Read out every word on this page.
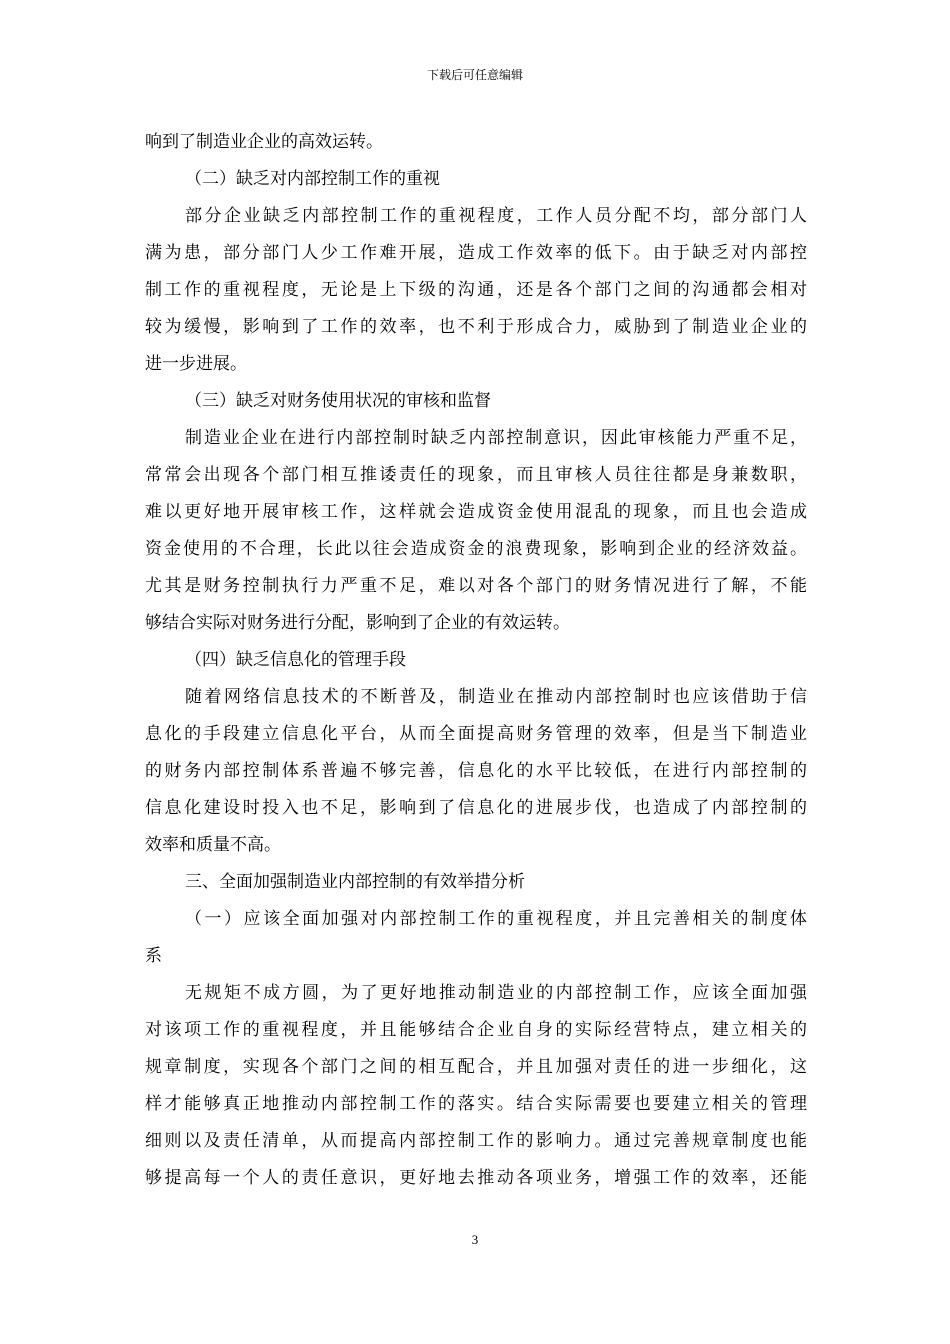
下载后可任意编辑
响到了制造业企业的高效运转。
（二）缺乏对内部控制工作的重视
部分企业缺乏内部控制工作的重视程度，工作人员分配不均，部分部门人
满为患，部分部门人少工作难开展，造成工作效率的低下。由于缺乏对内部控
制工作的重视程度，无论是上下级的沟通，还是各个部门之间的沟通都会相对
较为缓慢，影响到了工作的效率，也不利于形成合力，威胁到了制造业企业的
进一步进展。
（三）缺乏对财务使用状况的审核和监督
制造业企业在进行内部控制时缺乏内部控制意识，因此审核能力严重不足，
常常会出现各个部门相互推诿责任的现象，而且审核人员往往都是身兼数职，
难以更好地开展审核工作，这样就会造成资金使用混乱的现象，而且也会造成
资金使用的不合理，长此以往会造成资金的浪费现象，影响到企业的经济效益。
尤其是财务控制执行力严重不足，难以对各个部门的财务情况进行了解，不能
够结合实际对财务进行分配，影响到了企业的有效运转。
（四）缺乏信息化的管理手段
随着网络信息技术的不断普及，制造业在推动内部控制时也应该借助于信
息化的手段建立信息化平台，从而全面提高财务管理的效率，但是当下制造业
的财务内部控制体系普遍不够完善，信息化的水平比较低，在进行内部控制的
信息化建设时投入也不足，影响到了信息化的进展步伐，也造成了内部控制的
效率和质量不高。
三、全面加强制造业内部控制的有效举措分析
（一）应该全面加强对内部控制工作的重视程度，并且完善相关的制度体
系
无规矩不成方圆，为了更好地推动制造业的内部控制工作，应该全面加强
对该项工作的重视程度，并且能够结合企业自身的实际经营特点，建立相关的
规章制度，实现各个部门之间的相互配合，并且加强对责任的进一步细化，这
样才能够真正地推动内部控制工作的落实。结合实际需要也要建立相关的管理
细则以及责任清单，从而提高内部控制工作的影响力。通过完善规章制度也能
够提高每一个人的责任意识，更好地去推动各项业务，增强工作的效率，还能
3
